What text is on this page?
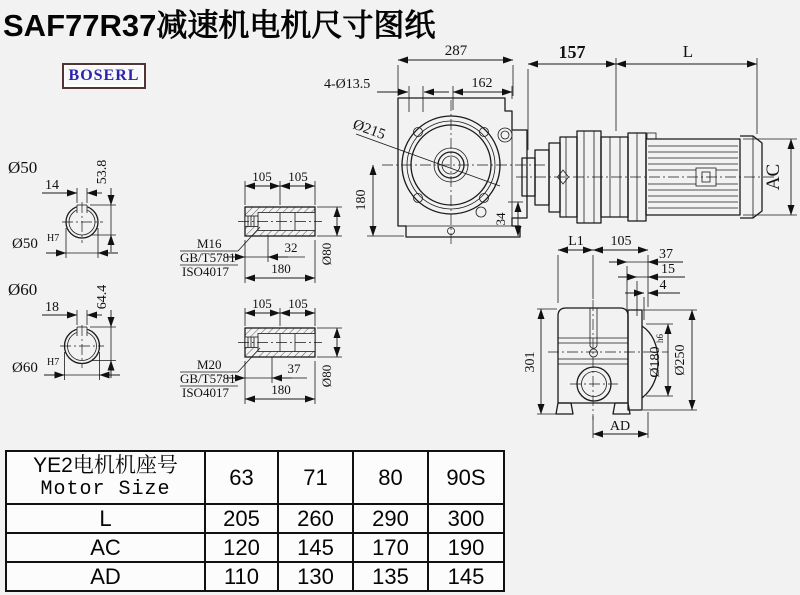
SAF77R37减速机电机尺寸图纸
BOSERL
Ø215
287
4-Ø13.5	162
180
34
157	L
AC
L1 105
37
15
4
301	Ø180
h6
Ø250
AD
Ø50
14
53.8
Ø50 H7
Ø60
18	64.4
Ø60 H7
105 105
32
180
Ø80
M16
GB/T5781
ISO4017
105 105
37
180
Ø80
M20
GB/T5781
ISO4017
YE2电机机座号
Motor Size	63	71	80	90S
L	205	260	290	300
AC	120	145	170	190
AD	110	130	135	145
